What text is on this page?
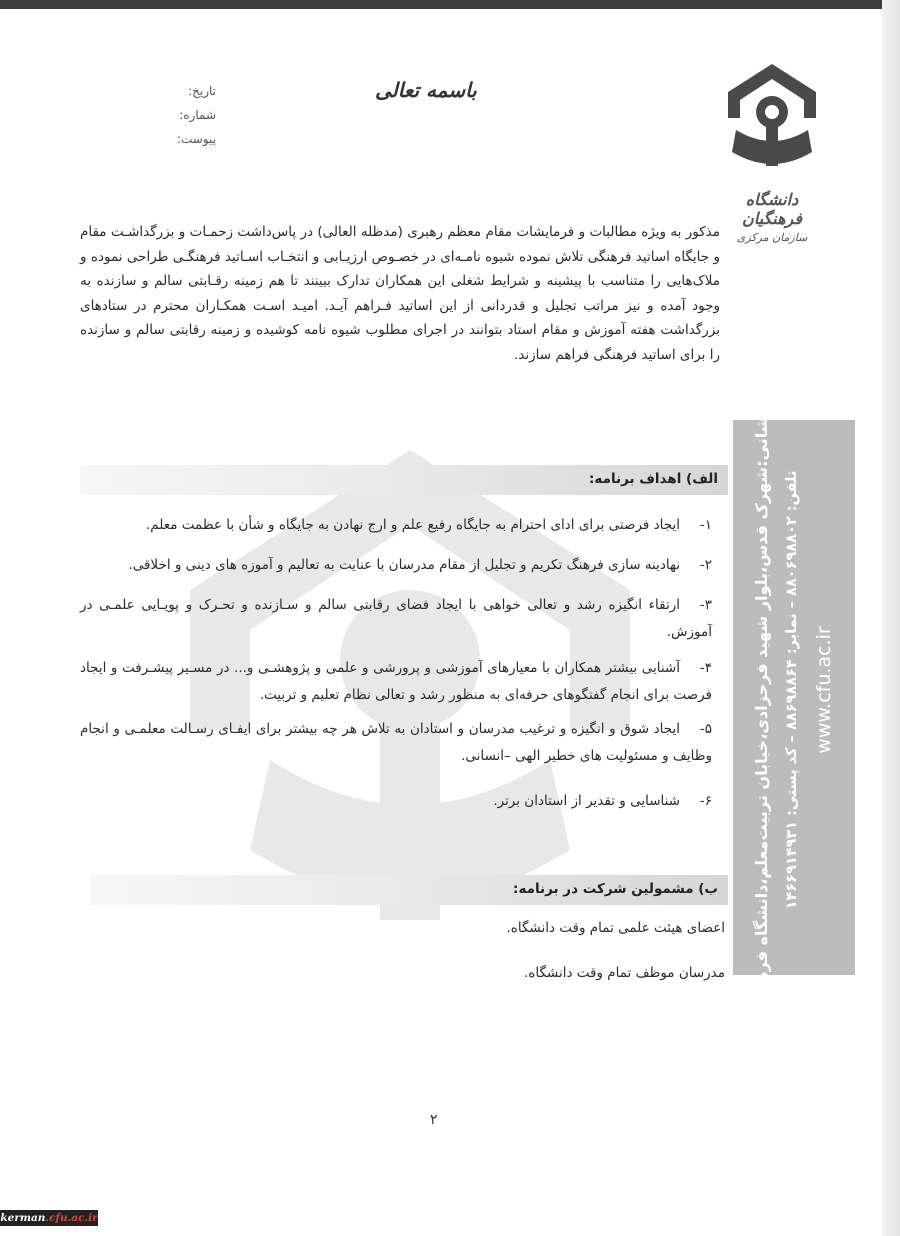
دانشگاه فرهنگیان
سازمان مرکزی
باسمه تعالی
تاریخ:
شماره:
پیوست:
مذکور به ویژه مطالبات و فرمایشات مقام معظم رهبری (مدظله العالی) در پاس‌داشت زحمـات و بزرگداشـت مقام و جایگاه اساتید فرهنگی تلاش نموده شیوه نامـه‌ای در خصـوص ارزیـابی و انتخـاب اسـاتید فرهنگـی طراحی نموده و ملاک‌هایی را متناسب با پیشینه و شرایط شغلی این همکاران تدارک ببینند تا هم زمینه رقـابتی سالم و سازنده به وجود آمده و نیز مراتب تجلیل و قدردانی از این اساتید فـراهم آیـد. امیـد اسـت همکـاران محترم در ستادهای بزرگداشت هفته آموزش و مقام استاد بتوانند در اجرای مطلوب شیوه نامه کوشیده و زمینه رقابتی سالم و سازنده را برای اساتید فرهنگی فراهم سازند.
نشانی:شهرک قدس،بلوار شهید فرحزادی،خیابان تربیت‌معلم،دانشگاه فرهنگیان تلفن: ۸۸۰۶۹۸۸۰۲ – نمابر: ۸۸۶۹۸۸۶۴ – کد پستی: ۱۴۶۶۹۱۴۹۳۱
www.cfu.ac.ir
الف) اهداف برنامه:
۱-ایجاد فرصتی برای ادای احترام به جایگاه رفیع علم و ارج نهادن به جایگاه و شأن با عظمت معلم.
۲-نهادینه سازی فرهنگ تکریم و تجلیل از مقام مدرسان با عنایت به تعالیم و آموزه های دینی و اخلاقی.
۳-ارتقاء انگیزه رشد و تعالی خواهی با ایجاد فضای رقابتی سالم و سـازنده و تحـرک و پویـایی علمـی در آموزش.
۴-آشنایی بیشتر همکاران با معیارهای آموزشی و پرورشی و علمی و پژوهشـی و... در مسـیر پیشـرفت و ایجاد فرصت برای انجام گفتگوهای حرفه‌ای به منظور رشد و تعالی نظام تعلیم و تربیت.
۵-ایجاد شوق و انگیزه و ترغیب مدرسان و استادان به تلاش هر چه بیشتر برای ایفـای رسـالت معلمـی و انجام وظایف و مسئولیت های خطیر الهی –انسانی.
۶-شناسایی و تقدیر از استادان برتر.
ب) مشمولین شرکت در برنامه:
اعضای هیئت علمی تمام وقت دانشگاه.
مدرسان موظف تمام وقت دانشگاه.
۲
kerman.cfu.ac.ir
